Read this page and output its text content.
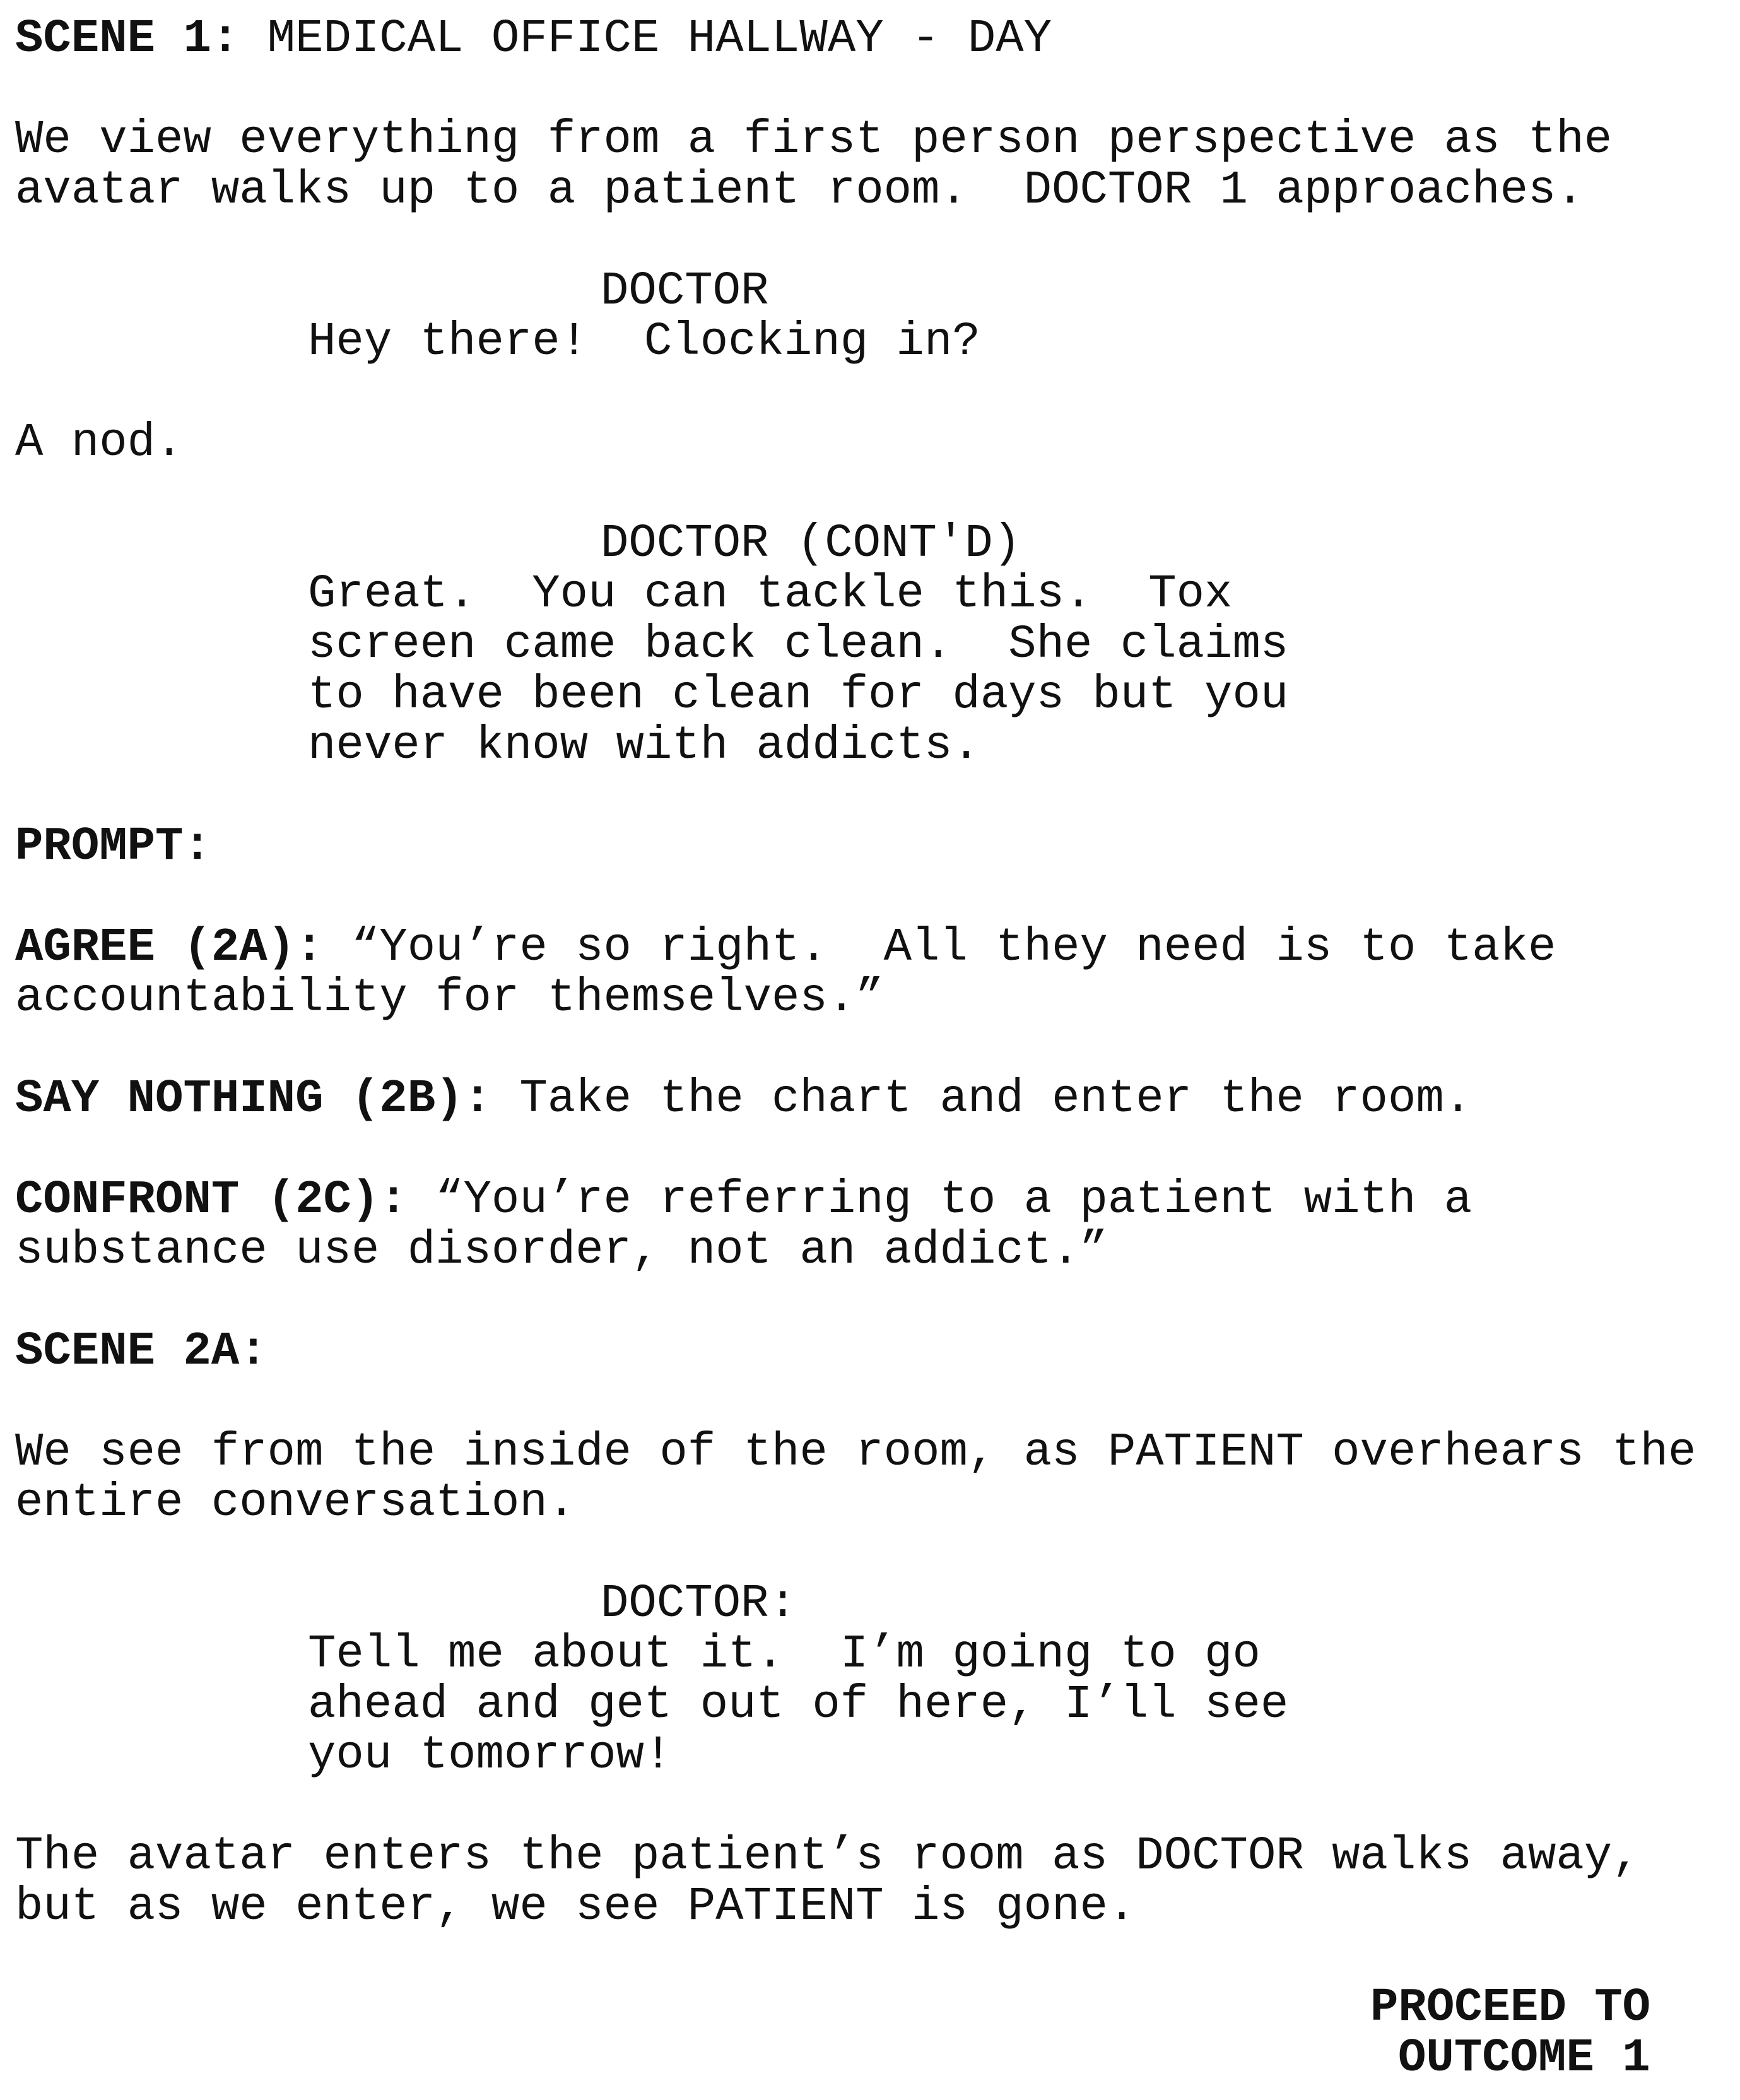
SCENE 1: MEDICAL OFFICE HALLWAY - DAY

We view everything from a first person perspective as the

avatar walks up to a patient room.  DOCTOR 1 approaches.

DOCTOR

Hey there!  Clocking in?

A nod.

DOCTOR (CONT'D)

Great.  You can tackle this.  Tox

screen came back clean.  She claims

to have been clean for days but you

never know with addicts.

PROMPT:

AGREE (2A): “You’re so right.  All they need is to take

accountability for themselves.”

SAY NOTHING (2B): Take the chart and enter the room.

CONFRONT (2C): “You’re referring to a patient with a

substance use disorder, not an addict.”

SCENE 2A:

We see from the inside of the room, as PATIENT overhears the

entire conversation.

DOCTOR:

Tell me about it.  I’m going to go

ahead and get out of here, I’ll see

you tomorrow!

The avatar enters the patient’s room as DOCTOR walks away,

but as we enter, we see PATIENT is gone.

PROCEED TO

OUTCOME 1
